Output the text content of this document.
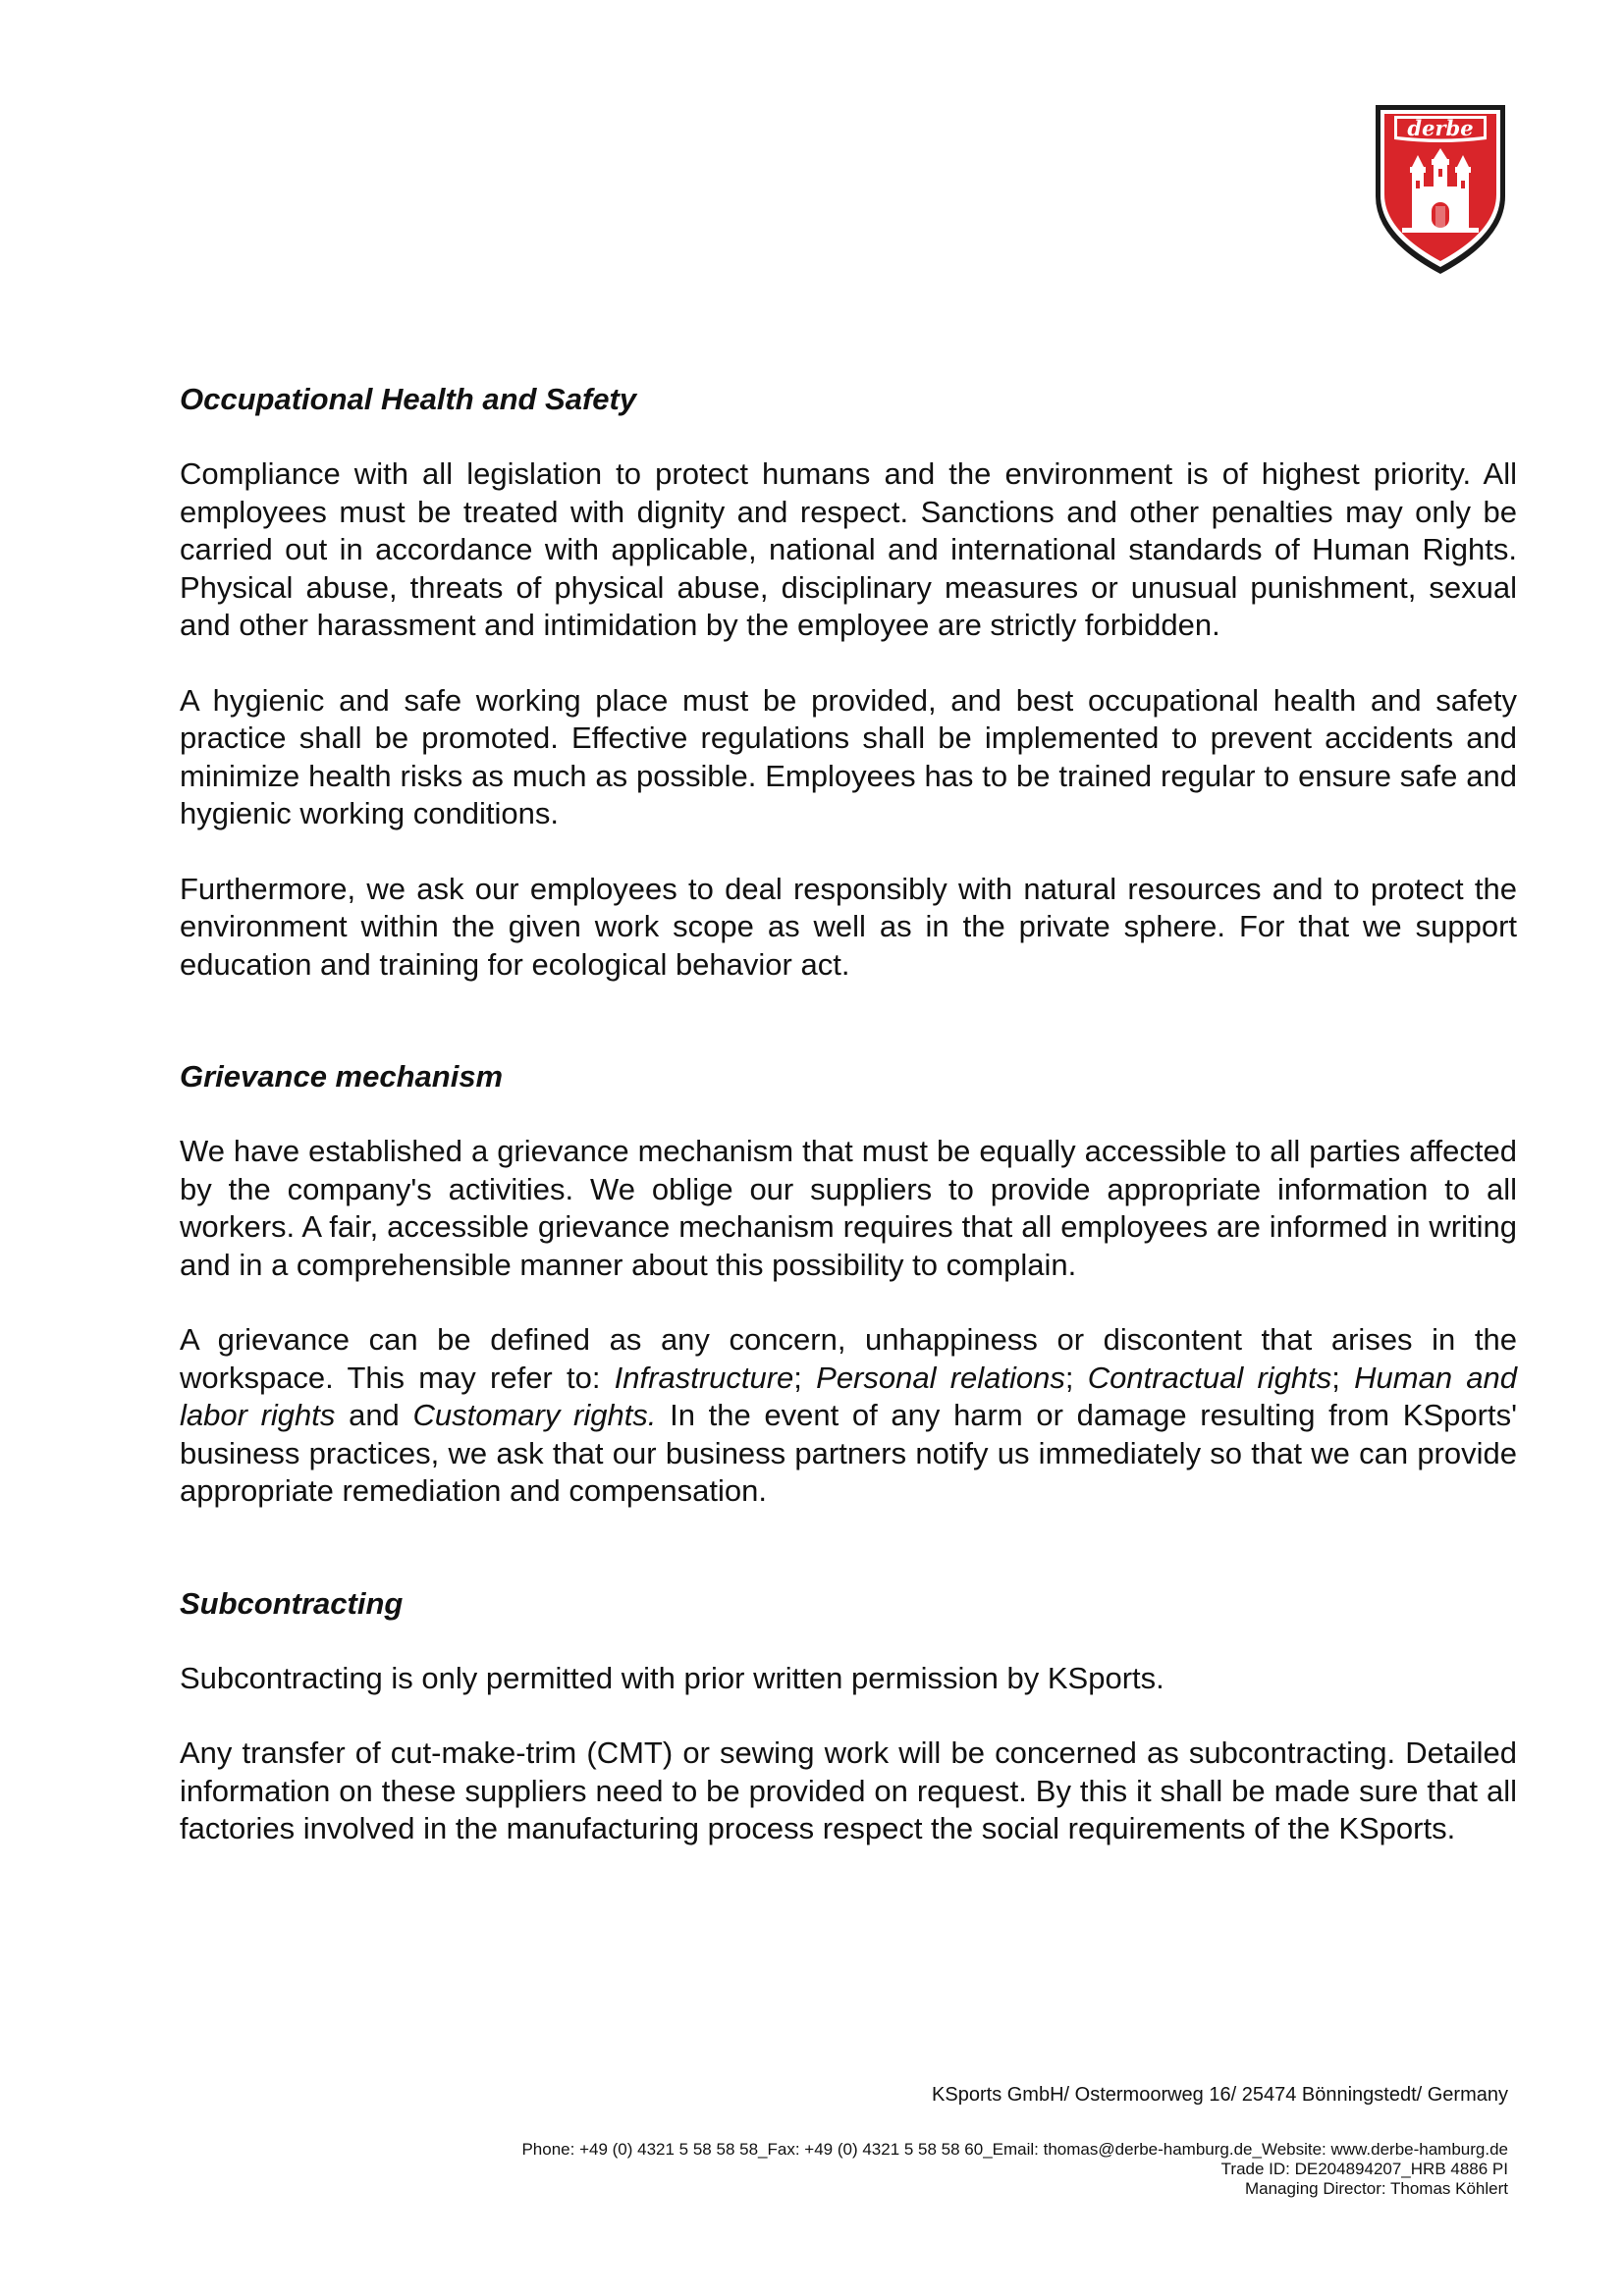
derbe
Occupational Health and Safety

Compliance with all legislation to protect humans and the environment is of highest priority. All employees must be treated with dignity and respect. Sanctions and other penalties may only be carried out in accordance with applicable, national and international standards of Human Rights. Physical abuse, threats of physical abuse, disciplinary measures or unusual punishment, sexual and other harassment and intimidation by the employee are strictly forbidden.

A hygienic and safe working place must be provided, and best occupational health and safety practice shall be promoted. Effective regulations shall be implemented to prevent accidents and minimize health risks as much as possible. Employees has to be trained regular to ensure safe and hygienic working conditions.

Furthermore, we ask our employees to deal responsibly with natural resources and to protect the environment within the given work scope as well as in the private sphere. For that we support education and training for ecological behavior act.

Grievance mechanism

We have established a grievance mechanism that must be equally accessible to all parties affected by the company's activities. We oblige our suppliers to provide appropriate information to all workers. A fair, accessible grievance mechanism requires that all employees are informed in writing and in a comprehensible manner about this possibility to complain.

A grievance can be defined as any concern, unhappiness or discontent that arises in the workspace. This may refer to: Infrastructure; Personal relations; Contractual rights; Human and labor rights and Customary rights. In the event of any harm or damage resulting from KSports' business practices, we ask that our business partners notify us immediately so that we can provide appropriate remediation and compensation.

Subcontracting

Subcontracting is only permitted with prior written permission by KSports.

Any transfer of cut-make-trim (CMT) or sewing work will be concerned as subcontracting. Detailed information on these suppliers need to be provided on request. By this it shall be made sure that all factories involved in the manufacturing process respect the social requirements of the KSports.

KSports GmbH/ Ostermoorweg 16/ 25474 Bönningstedt/ Germany
Phone: +49 (0) 4321 5 58 58 58_Fax: +49 (0) 4321 5 58 58 60_Email: thomas@derbe-hamburg.de_Website: www.derbe-hamburg.de
Trade ID: DE204894207_HRB 4886 PI
Managing Director: Thomas Köhlert
